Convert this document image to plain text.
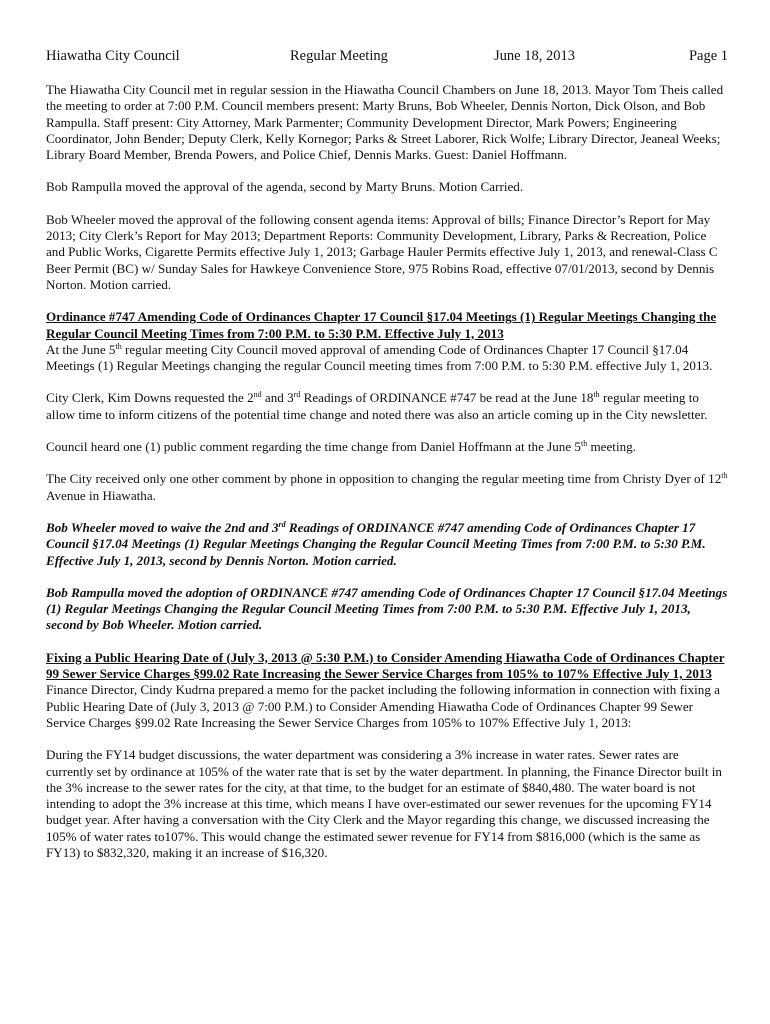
Hiawatha City Council	Regular Meeting	June 18, 2013	Page 1

The Hiawatha City Council met in regular session in the Hiawatha Council Chambers on June 18, 2013. Mayor Tom Theis called the meeting to order at 7:00 P.M. Council members present: Marty Bruns, Bob Wheeler, Dennis Norton, Dick Olson, and Bob Rampulla. Staff present: City Attorney, Mark Parmenter; Community Development Director, Mark Powers; Engineering Coordinator, John Bender; Deputy Clerk, Kelly Kornegor; Parks & Street Laborer, Rick Wolfe; Library Director, Jeaneal Weeks; Library Board Member, Brenda Powers, and Police Chief, Dennis Marks. Guest: Daniel Hoffmann.

Bob Rampulla moved the approval of the agenda, second by Marty Bruns. Motion Carried.

Bob Wheeler moved the approval of the following consent agenda items: Approval of bills; Finance Director’s Report for May 2013; City Clerk’s Report for May 2013; Department Reports: Community Development, Library, Parks & Recreation, Police and Public Works, Cigarette Permits effective July 1, 2013; Garbage Hauler Permits effective July 1, 2013, and renewal-Class C Beer Permit (BC) w/ Sunday Sales for Hawkeye Convenience Store, 975 Robins Road, effective 07/01/2013, second by Dennis Norton. Motion carried.

Ordinance #747 Amending Code of Ordinances Chapter 17 Council §17.04 Meetings (1) Regular Meetings Changing the Regular Council Meeting Times from 7:00 P.M. to 5:30 P.M. Effective July 1, 2013

At the June 5th regular meeting City Council moved approval of amending Code of Ordinances Chapter 17 Council §17.04 Meetings (1) Regular Meetings changing the regular Council meeting times from 7:00 P.M. to 5:30 P.M. effective July 1, 2013.

City Clerk, Kim Downs requested the 2nd and 3rd Readings of ORDINANCE #747 be read at the June 18th regular meeting to allow time to inform citizens of the potential time change and noted there was also an article coming up in the City newsletter.

Council heard one (1) public comment regarding the time change from Daniel Hoffmann at the June 5th meeting.

The City received only one other comment by phone in opposition to changing the regular meeting time from Christy Dyer of 12th Avenue in Hiawatha.

Bob Wheeler moved to waive the 2nd and 3rd Readings of ORDINANCE #747 amending Code of Ordinances Chapter 17 Council §17.04 Meetings (1) Regular Meetings Changing the Regular Council Meeting Times from 7:00 P.M. to 5:30 P.M. Effective July 1, 2013, second by Dennis Norton. Motion carried.

Bob Rampulla moved the adoption of ORDINANCE #747 amending Code of Ordinances Chapter 17 Council §17.04 Meetings (1) Regular Meetings Changing the Regular Council Meeting Times from 7:00 P.M. to 5:30 P.M. Effective July 1, 2013, second by Bob Wheeler. Motion carried.

Fixing a Public Hearing Date of (July 3, 2013 @ 5:30 P.M.) to Consider Amending Hiawatha Code of Ordinances Chapter 99 Sewer Service Charges §99.02 Rate Increasing the Sewer Service Charges from 105% to 107% Effective July 1, 2013

Finance Director, Cindy Kudrna prepared a memo for the packet including the following information in connection with fixing a Public Hearing Date of (July 3, 2013 @ 7:00 P.M.) to Consider Amending Hiawatha Code of Ordinances Chapter 99 Sewer Service Charges §99.02 Rate Increasing the Sewer Service Charges from 105% to 107% Effective July 1, 2013:

During the FY14 budget discussions, the water department was considering a 3% increase in water rates. Sewer rates are currently set by ordinance at 105% of the water rate that is set by the water department. In planning, the Finance Director built in the 3% increase to the sewer rates for the city, at that time, to the budget for an estimate of $840,480. The water board is not intending to adopt the 3% increase at this time, which means I have over-estimated our sewer revenues for the upcoming FY14 budget year. After having a conversation with the City Clerk and the Mayor regarding this change, we discussed increasing the 105% of water rates to107%. This would change the estimated sewer revenue for FY14 from $816,000 (which is the same as FY13) to $832,320, making it an increase of $16,320.
